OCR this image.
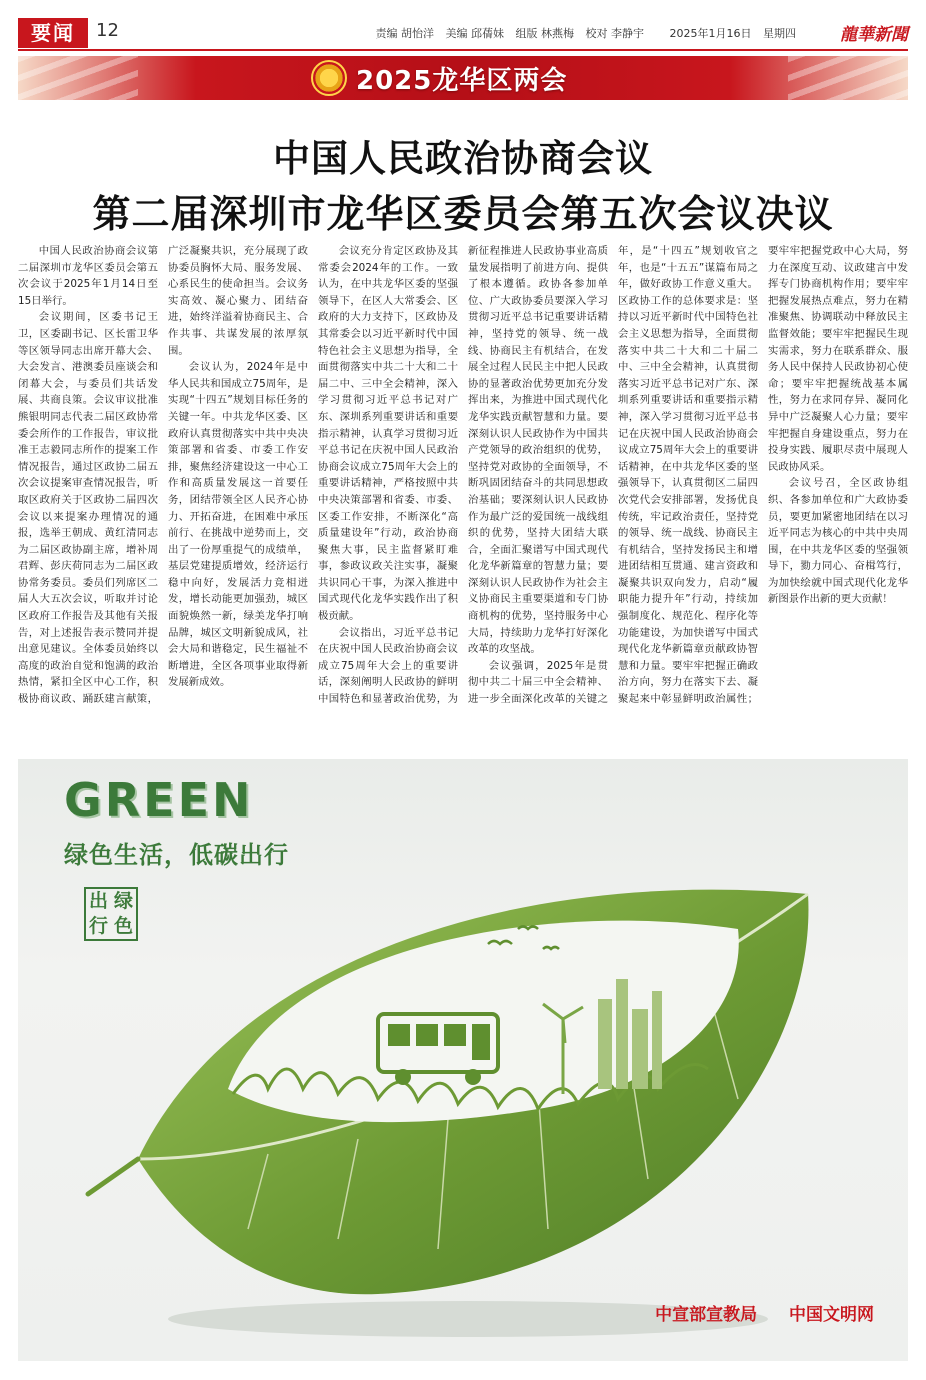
要闻	12	责编 胡怡洋 美编 邱蒨妹 组版 林燕梅 校对 李静宇 2025年1月16日 星期四	龍華新聞
2025龙华区两会
中国人民政治协商会议
第二届深圳市龙华区委员会第五次会议决议

中国人民政治协商会议第二届深圳市龙华区委员会第五次会议于2025年1月14日至15日举行。

会议期间，区委书记王卫，区委副书记、区长雷卫华等区领导同志出席开幕大会、大会发言、港澳委员座谈会和闭幕大会，与委员们共话发展、共商良策。会议审议批准熊银明同志代表二届区政协常委会所作的工作报告，审议批准王志毅同志所作的提案工作情况报告，通过区政协二届五次会议提案审查情况报告，听取区政府关于区政协二届四次会议以来提案办理情况的通报，选举王朝成、黄红清同志为二届区政协副主席，增补周君辉、彭庆荷同志为二届区政协常务委员。委员们列席区二届人大五次会议，听取并讨论区政府工作报告及其他有关报告，对上述报告表示赞同并提出意见建议。全体委员始终以高度的政治自觉和饱满的政治热情，紧扣全区中心工作，积极协商议政、踊跃建言献策，广泛凝聚共识，充分展现了政协委员胸怀大局、服务发展、心系民生的使命担当。会议务实高效、凝心聚力、团结奋进，始终洋溢着协商民主、合作共事、共谋发展的浓厚氛围。

会议认为，2024年是中华人民共和国成立75周年，是实现“十四五”规划目标任务的关键一年。中共龙华区委、区政府认真贯彻落实中共中央决策部署和省委、市委工作安排，聚焦经济建设这一中心工作和高质量发展这一首要任务，团结带领全区人民齐心协力、开拓奋进，在困难中承压前行、在挑战中逆势而上，交出了一份厚重提气的成绩单，基层党建提质增效，经济运行稳中向好，发展活力竞相迸发，增长动能更加强劲，城区面貌焕然一新，绿美龙华打响品牌，城区文明新貌成风，社会大局和谐稳定，民生福祉不断增进，全区各项事业取得新发展新成效。

会议充分肯定区政协及其常委会2024年的工作。一致认为，在中共龙华区委的坚强领导下，在区人大常委会、区政府的大力支持下，区政协及其常委会以习近平新时代中国特色社会主义思想为指导，全面贯彻落实中共二十大和二十届二中、三中全会精神，深入学习贯彻习近平总书记对广东、深圳系列重要讲话和重要指示精神，认真学习贯彻习近平总书记在庆祝中国人民政治协商会议成立75周年大会上的重要讲话精神，严格按照中共中央决策部署和省委、市委、区委工作安排，不断深化“高质量建设年”行动，政治协商聚焦大事，民主监督紧盯难事，参政议政关注实事，凝聚共识同心干事，为深入推进中国式现代化龙华实践作出了积极贡献。

会议指出，习近平总书记在庆祝中国人民政治协商会议成立75周年大会上的重要讲话，深刻阐明人民政协的鲜明中国特色和显著政治优势，为新征程推进人民政协事业高质量发展指明了前进方向、提供了根本遵循。政协各参加单位、广大政协委员要深入学习贯彻习近平总书记重要讲话精神，坚持党的领导、统一战线、协商民主有机结合，在发展全过程人民民主中把人民政协的显著政治优势更加充分发挥出来，为推进中国式现代化龙华实践贡献智慧和力量。要深刻认识人民政协作为中国共产党领导的政治组织的优势，坚持党对政协的全面领导，不断巩固团结奋斗的共同思想政治基础；要深刻认识人民政协作为最广泛的爱国统一战线组织的优势，坚持大团结大联合，全面汇聚谱写中国式现代化龙华新篇章的智慧力量；要深刻认识人民政协作为社会主义协商民主重要渠道和专门协商机构的优势，坚持服务中心大局，持续助力龙华打好深化改革的攻坚战。

会议强调，2025年是贯彻中共二十届三中全会精神、进一步全面深化改革的关键之年，是“十四五”规划收官之年，也是“十五五”谋篇布局之年，做好政协工作意义重大。区政协工作的总体要求是：坚持以习近平新时代中国特色社会主义思想为指导，全面贯彻落实中共二十大和二十届二中、三中全会精神，认真贯彻落实习近平总书记对广东、深圳系列重要讲话和重要指示精神，深入学习贯彻习近平总书记在庆祝中国人民政治协商会议成立75周年大会上的重要讲话精神，在中共龙华区委的坚强领导下，认真贯彻区二届四次党代会安排部署，发扬优良传统，牢记政治责任，坚持党的领导、统一战线、协商民主有机结合，坚持发扬民主和增进团结相互贯通、建言资政和凝聚共识双向发力，启动“履职能力提升年”行动，持续加强制度化、规范化、程序化等功能建设，为加快谱写中国式现代化龙华新篇章贡献政协智慧和力量。要牢牢把握正确政治方向，努力在落实下去、凝聚起来中彰显鲜明政治属性；要牢牢把握党政中心大局，努力在深度互动、议政建言中发挥专门协商机构作用；要牢牢把握发展热点难点，努力在精准聚焦、协调联动中释放民主监督效能；要牢牢把握民生现实需求，努力在联系群众、服务人民中保持人民政协初心使命；要牢牢把握统战基本属性，努力在求同存异、凝同化异中广泛凝聚人心力量；要牢牢把握自身建设重点，努力在投身实践、履职尽责中展现人民政协风采。

会议号召，全区政协组织、各参加单位和广大政协委员，要更加紧密地团结在以习近平同志为核心的中共中央周围，在中共龙华区委的坚强领导下，勠力同心、奋楫笃行，为加快绘就中国式现代化龙华新图景作出新的更大贡献！

GREEN
绿色生活，低碳出行
出 绿
行 色
中宣部宣教局 中国文明网
